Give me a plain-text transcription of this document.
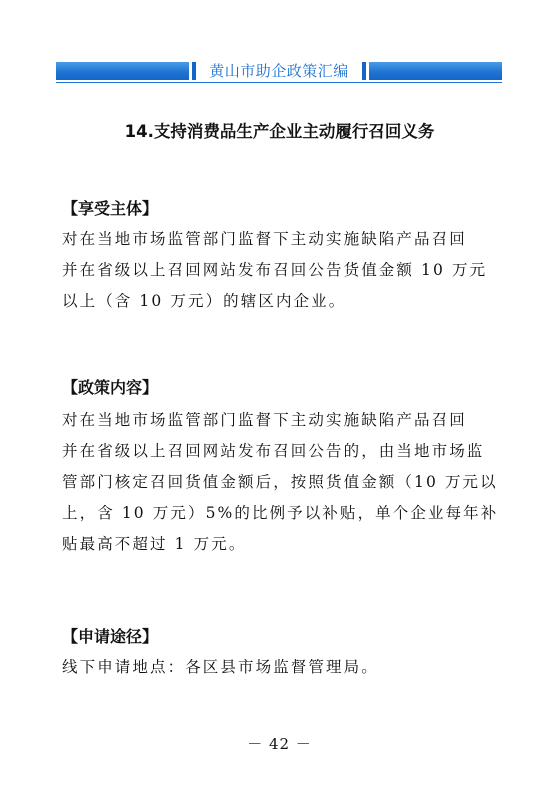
黄山市助企政策汇编
14.支持消费品生产企业主动履行召回义务
【享受主体】
对在当地市场监管部门监督下主动实施缺陷产品召回
并在省级以上召回网站发布召回公告货值金额 10 万元
以上（含 10 万元）的辖区内企业。
【政策内容】
对在当地市场监管部门监督下主动实施缺陷产品召回
并在省级以上召回网站发布召回公告的，由当地市场监
管部门核定召回货值金额后，按照货值金额（10 万元以
上，含 10 万元）5%的比例予以补贴，单个企业每年补
贴最高不超过 1 万元。
【申请途径】
线下申请地点：各区县市场监督管理局。
－ 42 －
